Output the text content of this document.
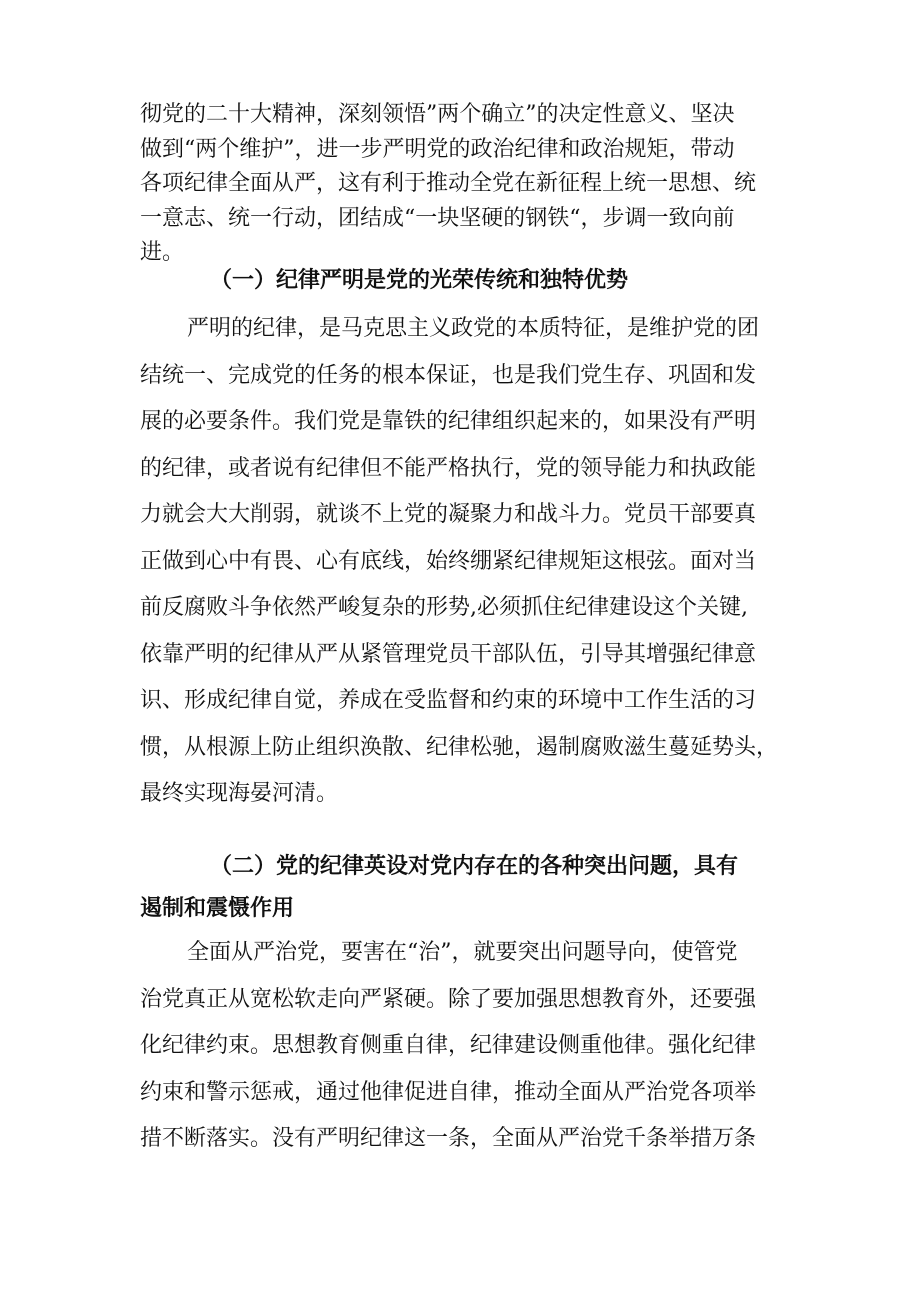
彻党的二十大精神，深刻领悟”两个确立”的决定性意义、坚决
做到“两个维护”，进一步严明党的政治纪律和政治规矩，带动
各项纪律全面从严，这有利于推动全党在新征程上统一思想、统
一意志、统一行动，团结成“一块坚硬的钢铁“，步调一致向前
进。
（一）纪律严明是党的光荣传统和独特优势
严明的纪律，是马克思主义政党的本质特征，是维护党的团
结统一、完成党的任务的根本保证，也是我们党生存、巩固和发
展的必要条件。我们党是靠铁的纪律组织起来的，如果没有严明
的纪律，或者说有纪律但不能严格执行，党的领导能力和执政能
力就会大大削弱，就谈不上党的凝聚力和战斗力。党员干部要真
正做到心中有畏、心有底线，始终绷紧纪律规矩这根弦。面对当
前反腐败斗争依然严峻复杂的形势,必须抓住纪律建设这个关键,
依靠严明的纪律从严从紧管理党员干部队伍，引导其增强纪律意
识、形成纪律自觉，养成在受监督和约束的环境中工作生活的习
惯，从根源上防止组织涣散、纪律松驰，遏制腐败滋生蔓延势头，
最终实现海晏河清。
（二）党的纪律英设对党内存在的各种突出问题，具有
遏制和震慑作用
全面从严治党，要害在“治”，就要突出问题导向，使管党
治党真正从宽松软走向严紧硬。除了要加强思想教育外，还要强
化纪律约束。思想教育侧重自律，纪律建设侧重他律。强化纪律
约束和警示惩戒，通过他律促进自律，推动全面从严治党各项举
措不断落实。没有严明纪律这一条，全面从严治党千条举措万条
